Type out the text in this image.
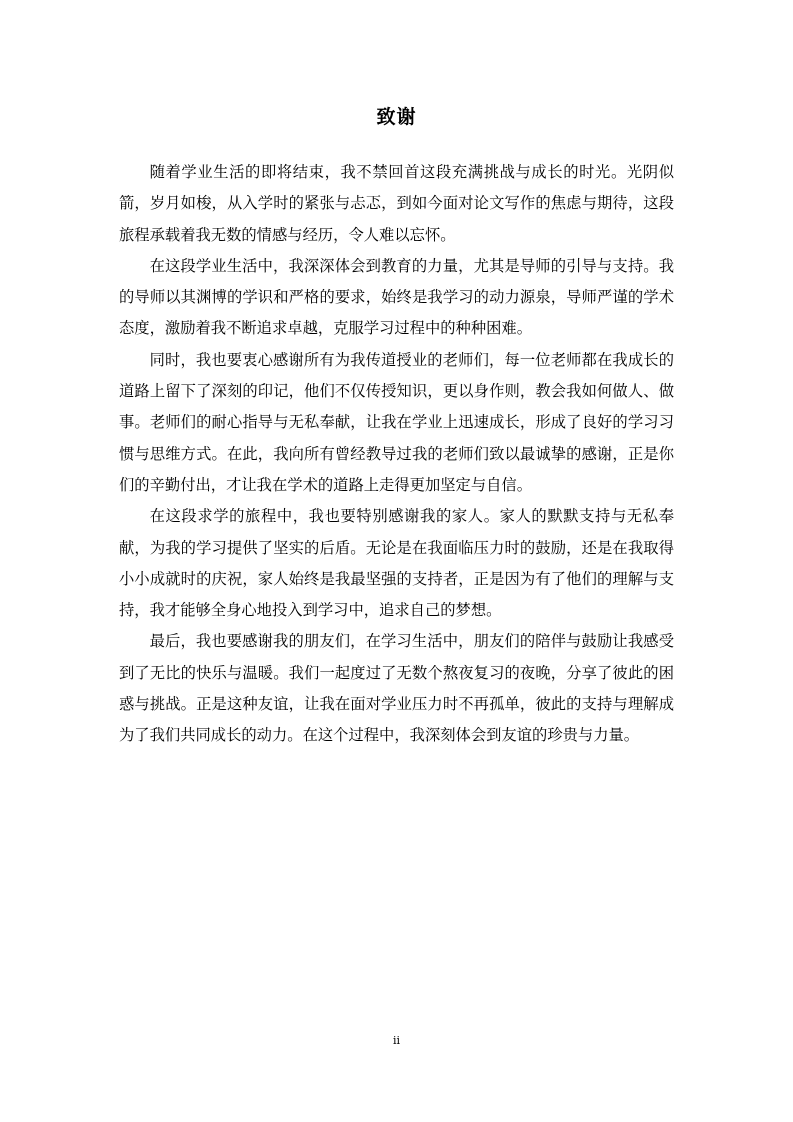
致谢

随着学业生活的即将结束，我不禁回首这段充满挑战与成长的时光。光阴似箭，岁月如梭，从入学时的紧张与忐忑，到如今面对论文写作的焦虑与期待，这段旅程承载着我无数的情感与经历，令人难以忘怀。

在这段学业生活中，我深深体会到教育的力量，尤其是导师的引导与支持。我的导师以其渊博的学识和严格的要求，始终是我学习的动力源泉，导师严谨的学术态度，激励着我不断追求卓越，克服学习过程中的种种困难。

同时，我也要衷心感谢所有为我传道授业的老师们，每一位老师都在我成长的道路上留下了深刻的印记，他们不仅传授知识，更以身作则，教会我如何做人、做事。老师们的耐心指导与无私奉献，让我在学业上迅速成长，形成了良好的学习习惯与思维方式。在此，我向所有曾经教导过我的老师们致以最诚挚的感谢，正是你们的辛勤付出，才让我在学术的道路上走得更加坚定与自信。

在这段求学的旅程中，我也要特别感谢我的家人。家人的默默支持与无私奉献，为我的学习提供了坚实的后盾。无论是在我面临压力时的鼓励，还是在我取得小小成就时的庆祝，家人始终是我最坚强的支持者，正是因为有了他们的理解与支持，我才能够全身心地投入到学习中，追求自己的梦想。

最后，我也要感谢我的朋友们，在学习生活中，朋友们的陪伴与鼓励让我感受到了无比的快乐与温暖。我们一起度过了无数个熬夜复习的夜晚，分享了彼此的困惑与挑战。正是这种友谊，让我在面对学业压力时不再孤单，彼此的支持与理解成为了我们共同成长的动力。在这个过程中，我深刻体会到友谊的珍贵与力量。

ii
